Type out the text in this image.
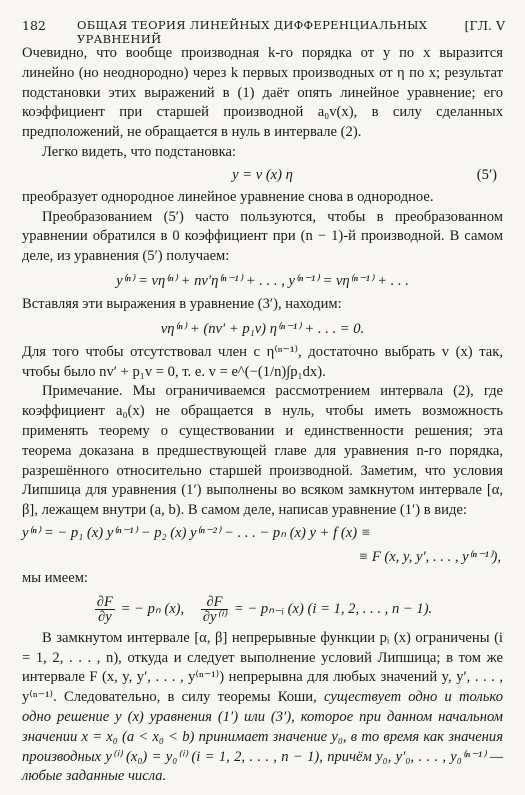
182	ОБЩАЯ ТЕОРИЯ ЛИНЕЙНЫХ ДИФФЕРЕНЦИАЛЬНЫХ УРАВНЕНИЙ
[ГЛ. V

Очевидно, что вообще производная k-го порядка от y по x выразится линейно (но неоднородно) через k первых производных от η по x; результат подстановки этих выражений в (1) даёт опять линейное уравнение; его коэффициент при старшей производной a₀v(x), в силу сделанных предположений, не обращается в нуль в интервале (2).

Легко видеть, что подстановка:

y = v (x) η	(5′)

преобразует однородное линейное уравнение снова в однородное.

Преобразованием (5′) часто пользуются, чтобы в преобразованном уравнении обратился в 0 коэффициент при (n − 1)-й производной. В самом деле, из уравнения (5′) получаем:

y⁽ⁿ⁾ = vη⁽ⁿ⁾ + nv′η⁽ⁿ⁻¹⁾ + . . . , y⁽ⁿ⁻¹⁾ = vη⁽ⁿ⁻¹⁾ + . . .

Вставляя эти выражения в уравнение (3′), находим:

vη⁽ⁿ⁾ + (nv′ + p₁v) η⁽ⁿ⁻¹⁾ + . . . = 0.

Для того чтобы отсутствовал член с η⁽ⁿ⁻¹⁾, достаточно выбрать v (x) так, чтобы было nv′ + p₁v = 0, т. е. v = e^(−(1/n)∫p₁dx).

Примечание. Мы ограничиваемся рассмотрением интервала (2), где коэффициент a₀(x) не обращается в нуль, чтобы иметь возможность применять теорему о существовании и единственности решения; эта теорема доказана в предшествующей главе для уравнения n-го порядка, разрешённого относительно старшей производной. Заметим, что условия Липшица для уравнения (1′) выполнены во всяком замкнутом интервале [α, β], лежащем внутри (a, b). В самом деле, написав уравнение (1′) в виде:

y⁽ⁿ⁾ = − p₁ (x) y⁽ⁿ⁻¹⁾ − p₂ (x) y⁽ⁿ⁻²⁾ − . . . − pₙ (x) y + f (x) ≡
≡ F (x, y, y′, . . . , y⁽ⁿ⁻¹⁾),

мы имеем:

$\frac{\partial F}{\partial y}$ = − pₙ (x), $\frac{\partial F}{\text{∂y⁽ⁱ⁾}}$ = − pₙ₋ᵢ (x) (i = 1, 2, . . . , n − 1).

В замкнутом интервале [α, β] непрерывные функции pᵢ (x) ограничены (i = 1, 2, . . . , n), откуда и следует выполнение условий Липшица; в том же интервале F (x, y, y′, . . . , y⁽ⁿ⁻¹⁾) непрерывна для любых значений y, y′, . . . , y⁽ⁿ⁻¹⁾. Следовательно, в силу теоремы Коши, существует одно и только одно решение y (x) уравнения (1′) или (3′), которое при данном начальном значении x = x₀ (a < x₀ < b) принимает значение y₀, в то время как значения производных y⁽ⁱ⁾ (x₀) = y₀⁽ⁱ⁾ (i = 1, 2, . . . , n − 1), причём y₀, y′₀, . . . , y₀⁽ⁿ⁻¹⁾ — любые заданные числа.
